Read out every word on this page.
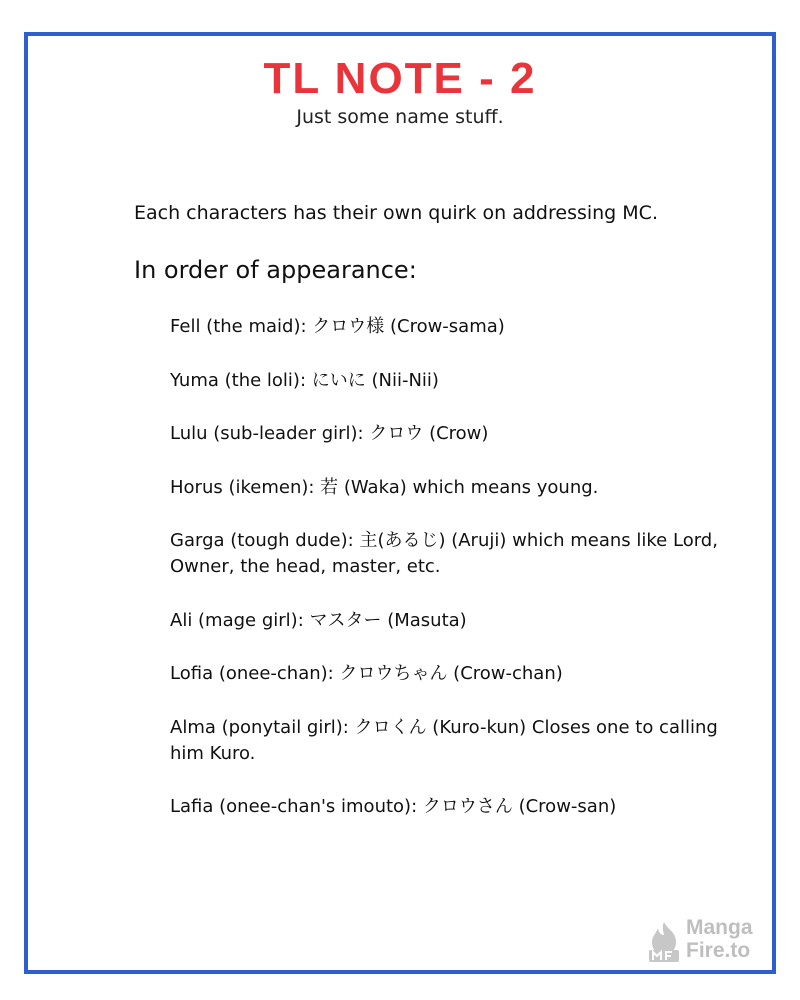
TL NOTE - 2
Just some name stuff.
Each characters has their own quirk on addressing MC.
In order of appearance:
Fell (the maid): クロウ様 (Crow-sama)
Yuma (the loli): にいに (Nii-Nii)
Lulu (sub-leader girl): クロウ (Crow)
Horus (ikemen): 若 (Waka) which means young.
Garga (tough dude): 主(あるじ) (Aruji) which means like Lord, Owner, the head, master, etc.
Ali (mage girl): マスター (Masuta)
Lofia (onee-chan): クロウちゃん (Crow-chan)
Alma (ponytail girl): クロくん (Kuro-kun) Closes one to calling him Kuro.
Lafia (onee-chan's imouto): クロウさん (Crow-san)
Manga
Fire.to
